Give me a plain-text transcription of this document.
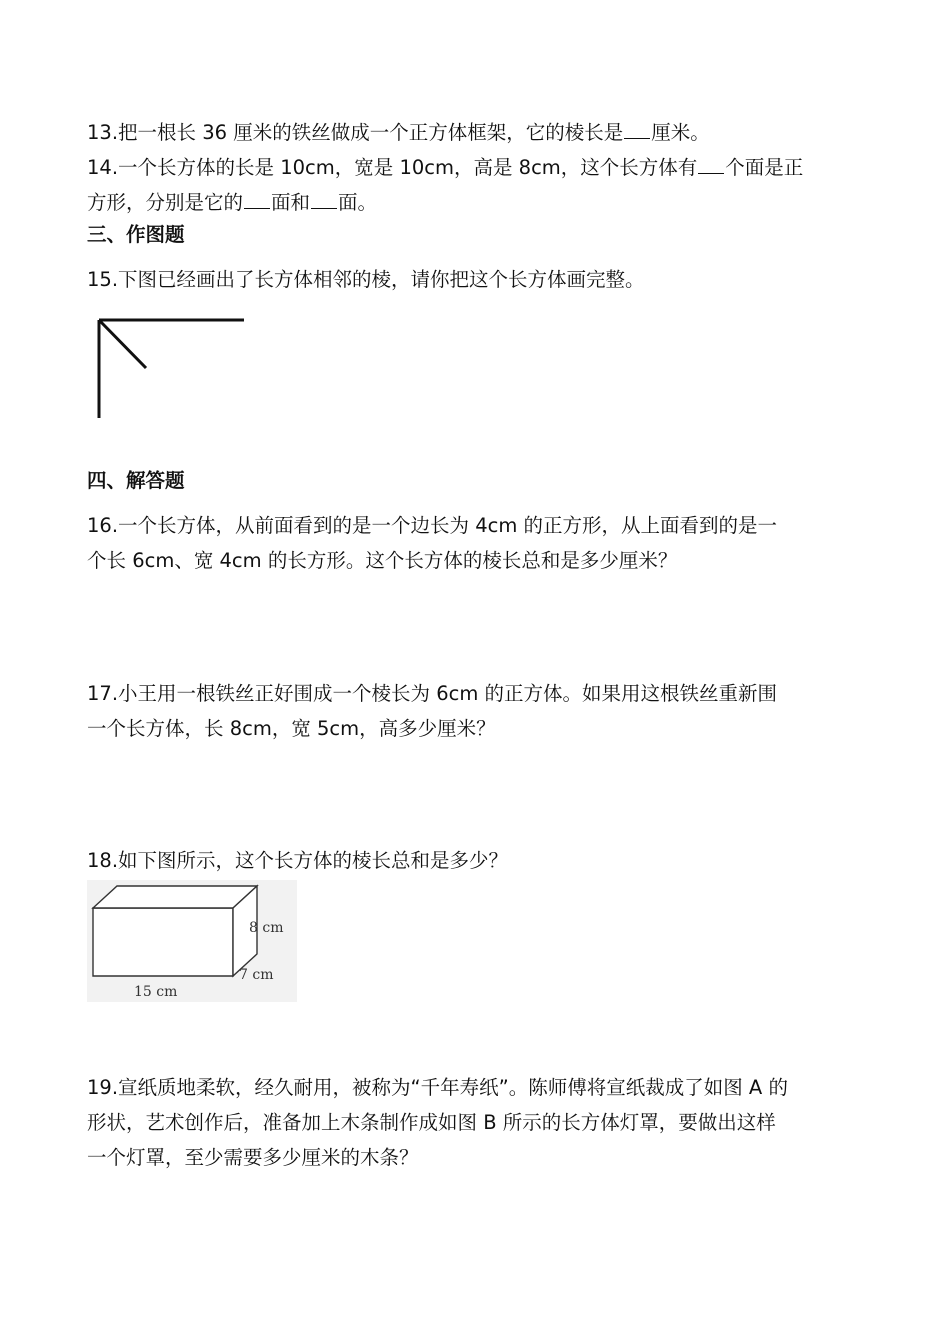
13.把一根长 36 厘米的铁丝做成一个正方体框架，它的棱长是 厘米。
14.一个长方体的长是 10cm，宽是 10cm，高是 8cm，这个长方体有 个面是正
方形，分别是它的 面和 面。
三、作图题
15.下图已经画出了长方体相邻的棱，请你把这个长方体画完整。
四、解答题
16.一个长方体，从前面看到的是一个边长为 4cm 的正方形，从上面看到的是一
个长 6cm、宽 4cm 的长方形。这个长方体的棱长总和是多少厘米？
17.小王用一根铁丝正好围成一个棱长为 6cm 的正方体。如果用这根铁丝重新围
一个长方体，长 8cm，宽 5cm，高多少厘米？
18.如下图所示，这个长方体的棱长总和是多少？
8 cm
7 cm
15 cm
19.宣纸质地柔软，经久耐用，被称为“千年寿纸”。陈师傅将宣纸裁成了如图 A 的
形状，艺术创作后，准备加上木条制作成如图 B 所示的长方体灯罩，要做出这样
一个灯罩，至少需要多少厘米的木条？
